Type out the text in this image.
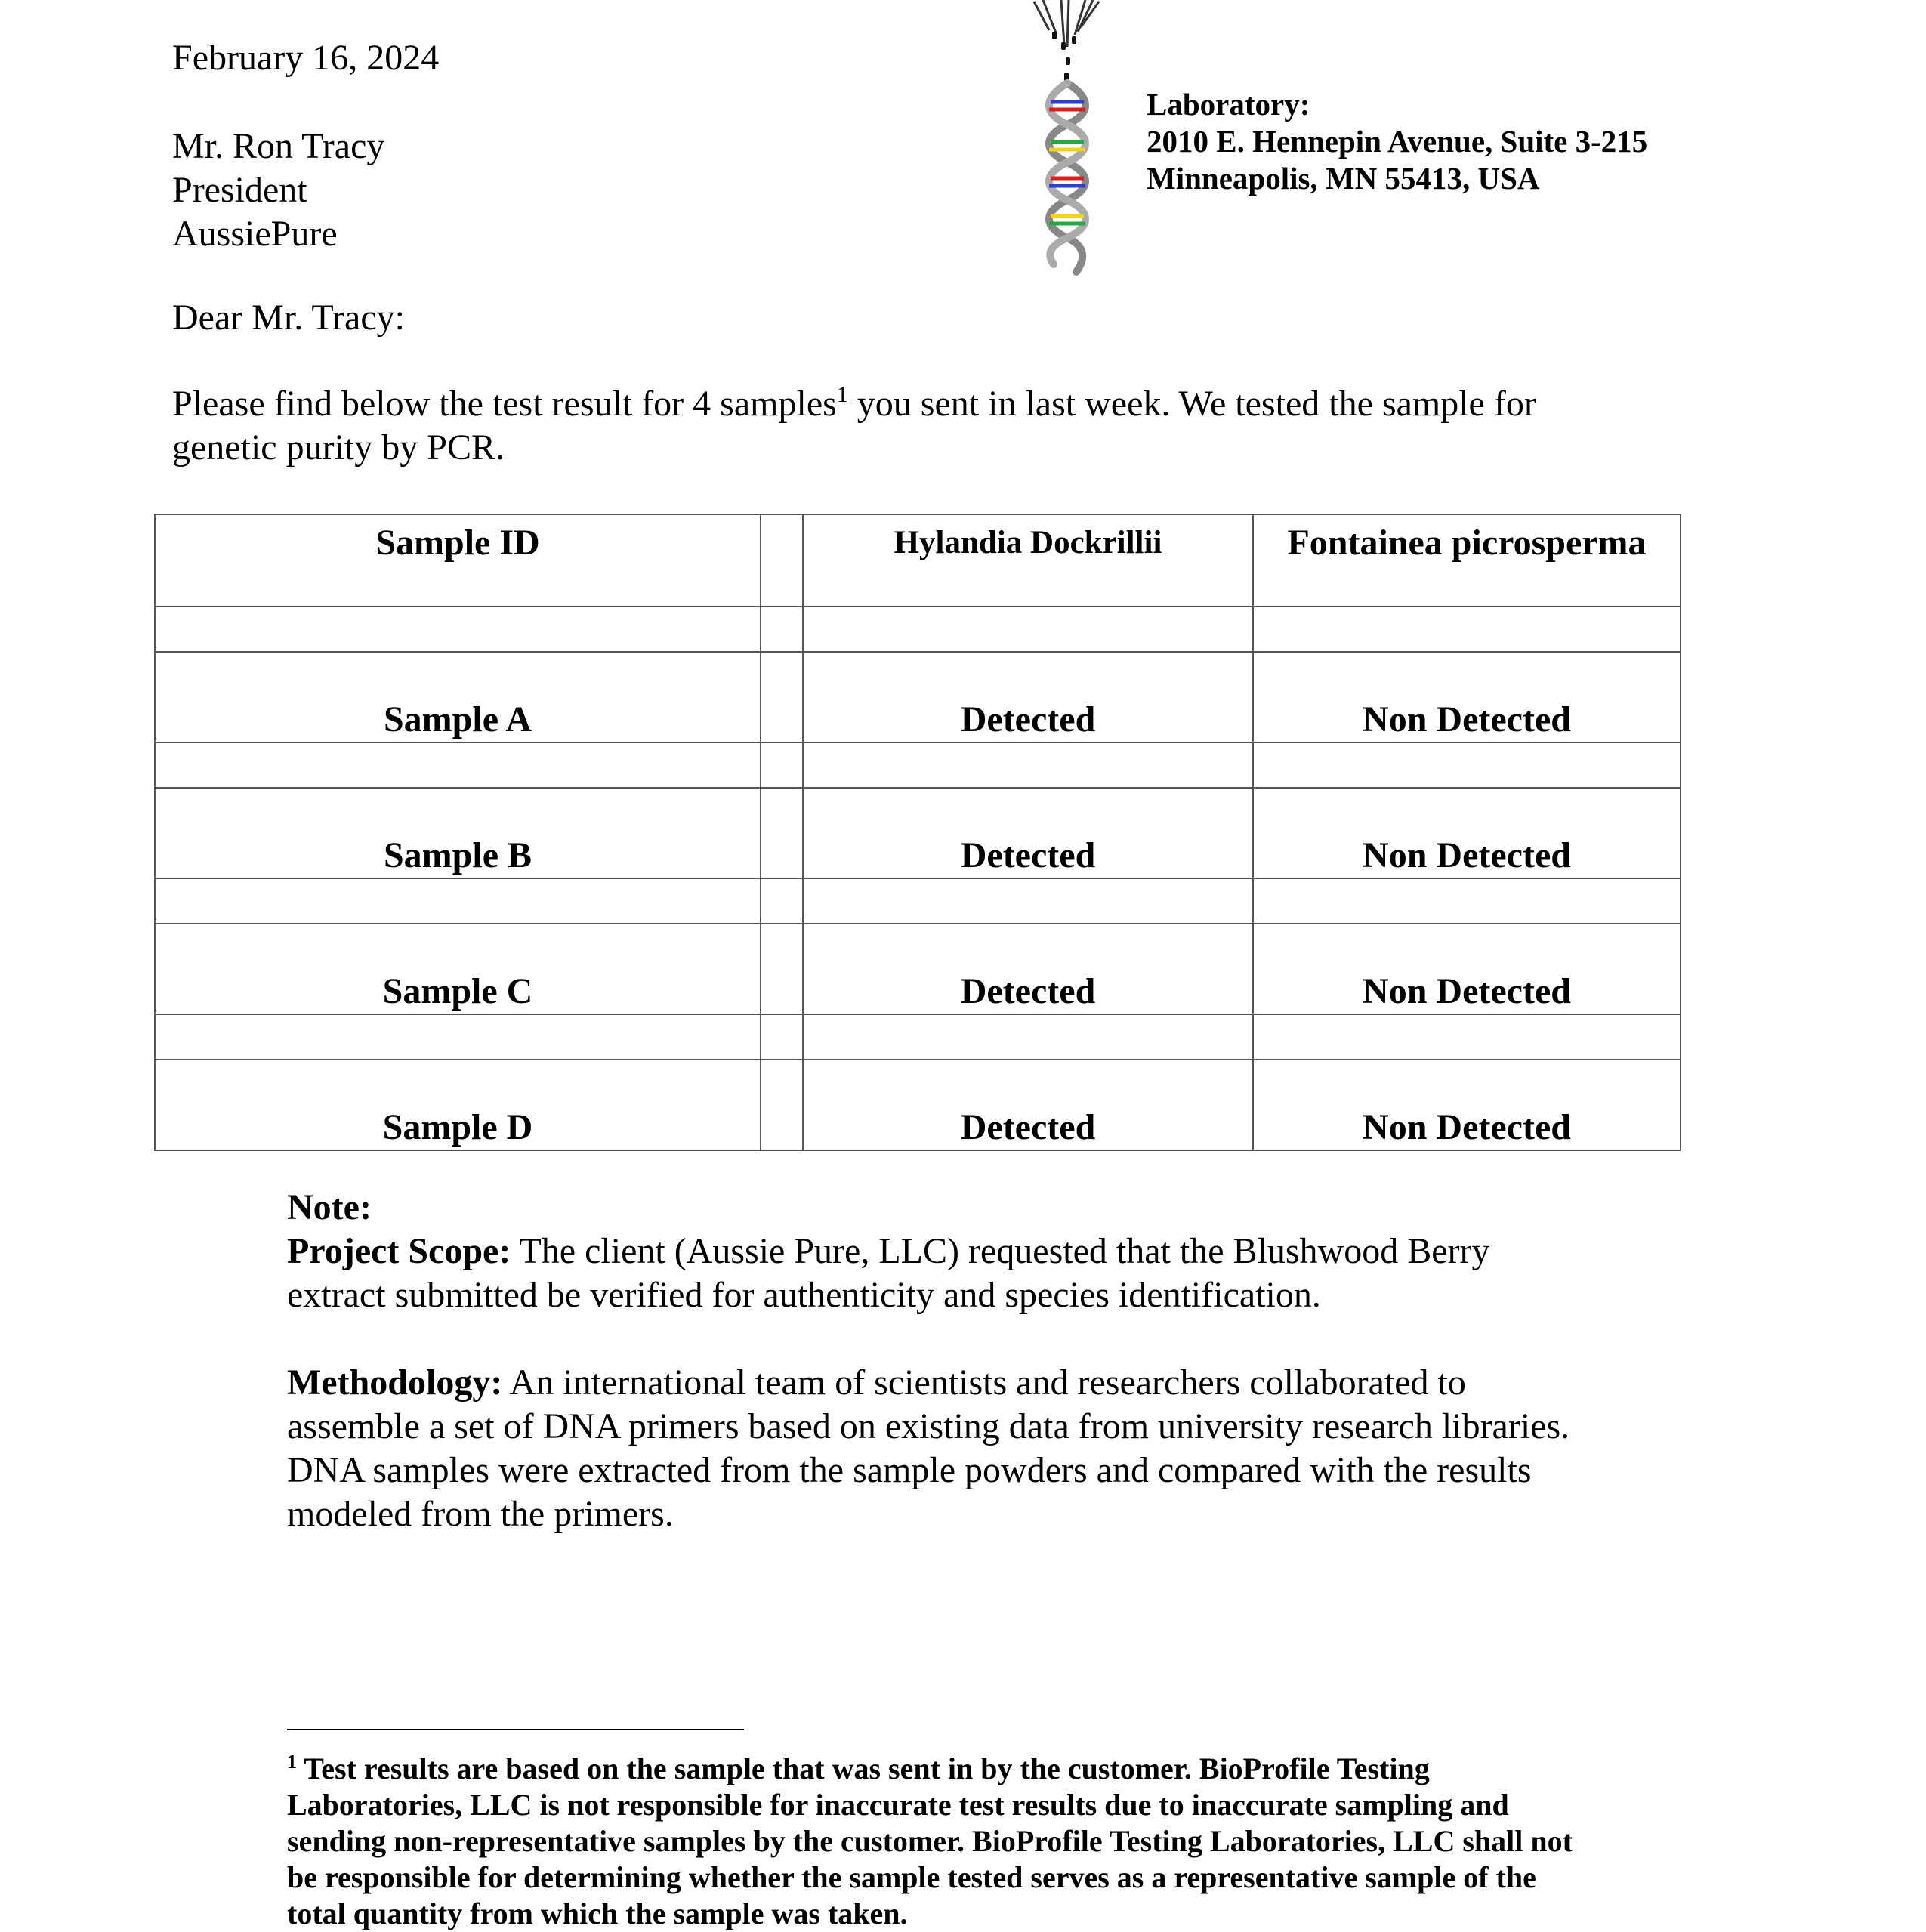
February 16, 2024
Mr. Ron Tracy
President
AussiePure
Laboratory:
2010 E. Hennepin Avenue, Suite 3-215
Minneapolis, MN 55413, USA
Dear Mr. Tracy:
Please find below the test result for 4 samples$^1$ you sent in last week. We tested the sample for
genetic purity by PCR.
Sample ID		Hylandia Dockrillii	Fontainea picrosperma

Sample A		Detected	Non Detected

Sample B		Detected	Non Detected

Sample C		Detected	Non Detected

Sample D		Detected	Non Detected

Note:

Project Scope: The client (Aussie Pure, LLC) requested that the Blushwood Berry

extract submitted be verified for authenticity and species identification.

Methodology: An international team of scientists and researchers collaborated to

assemble a set of DNA primers based on existing data from university research libraries.

DNA samples were extracted from the sample powders and compared with the results

modeled from the primers.

$^1$ Test results are based on the sample that was sent in by the customer. BioProfile Testing
Laboratories, LLC is not responsible for inaccurate test results due to inaccurate sampling and
sending non-representative samples by the customer. BioProfile Testing Laboratories, LLC shall not
be responsible for determining whether the sample tested serves as a representative sample of the
total quantity from which the sample was taken.
